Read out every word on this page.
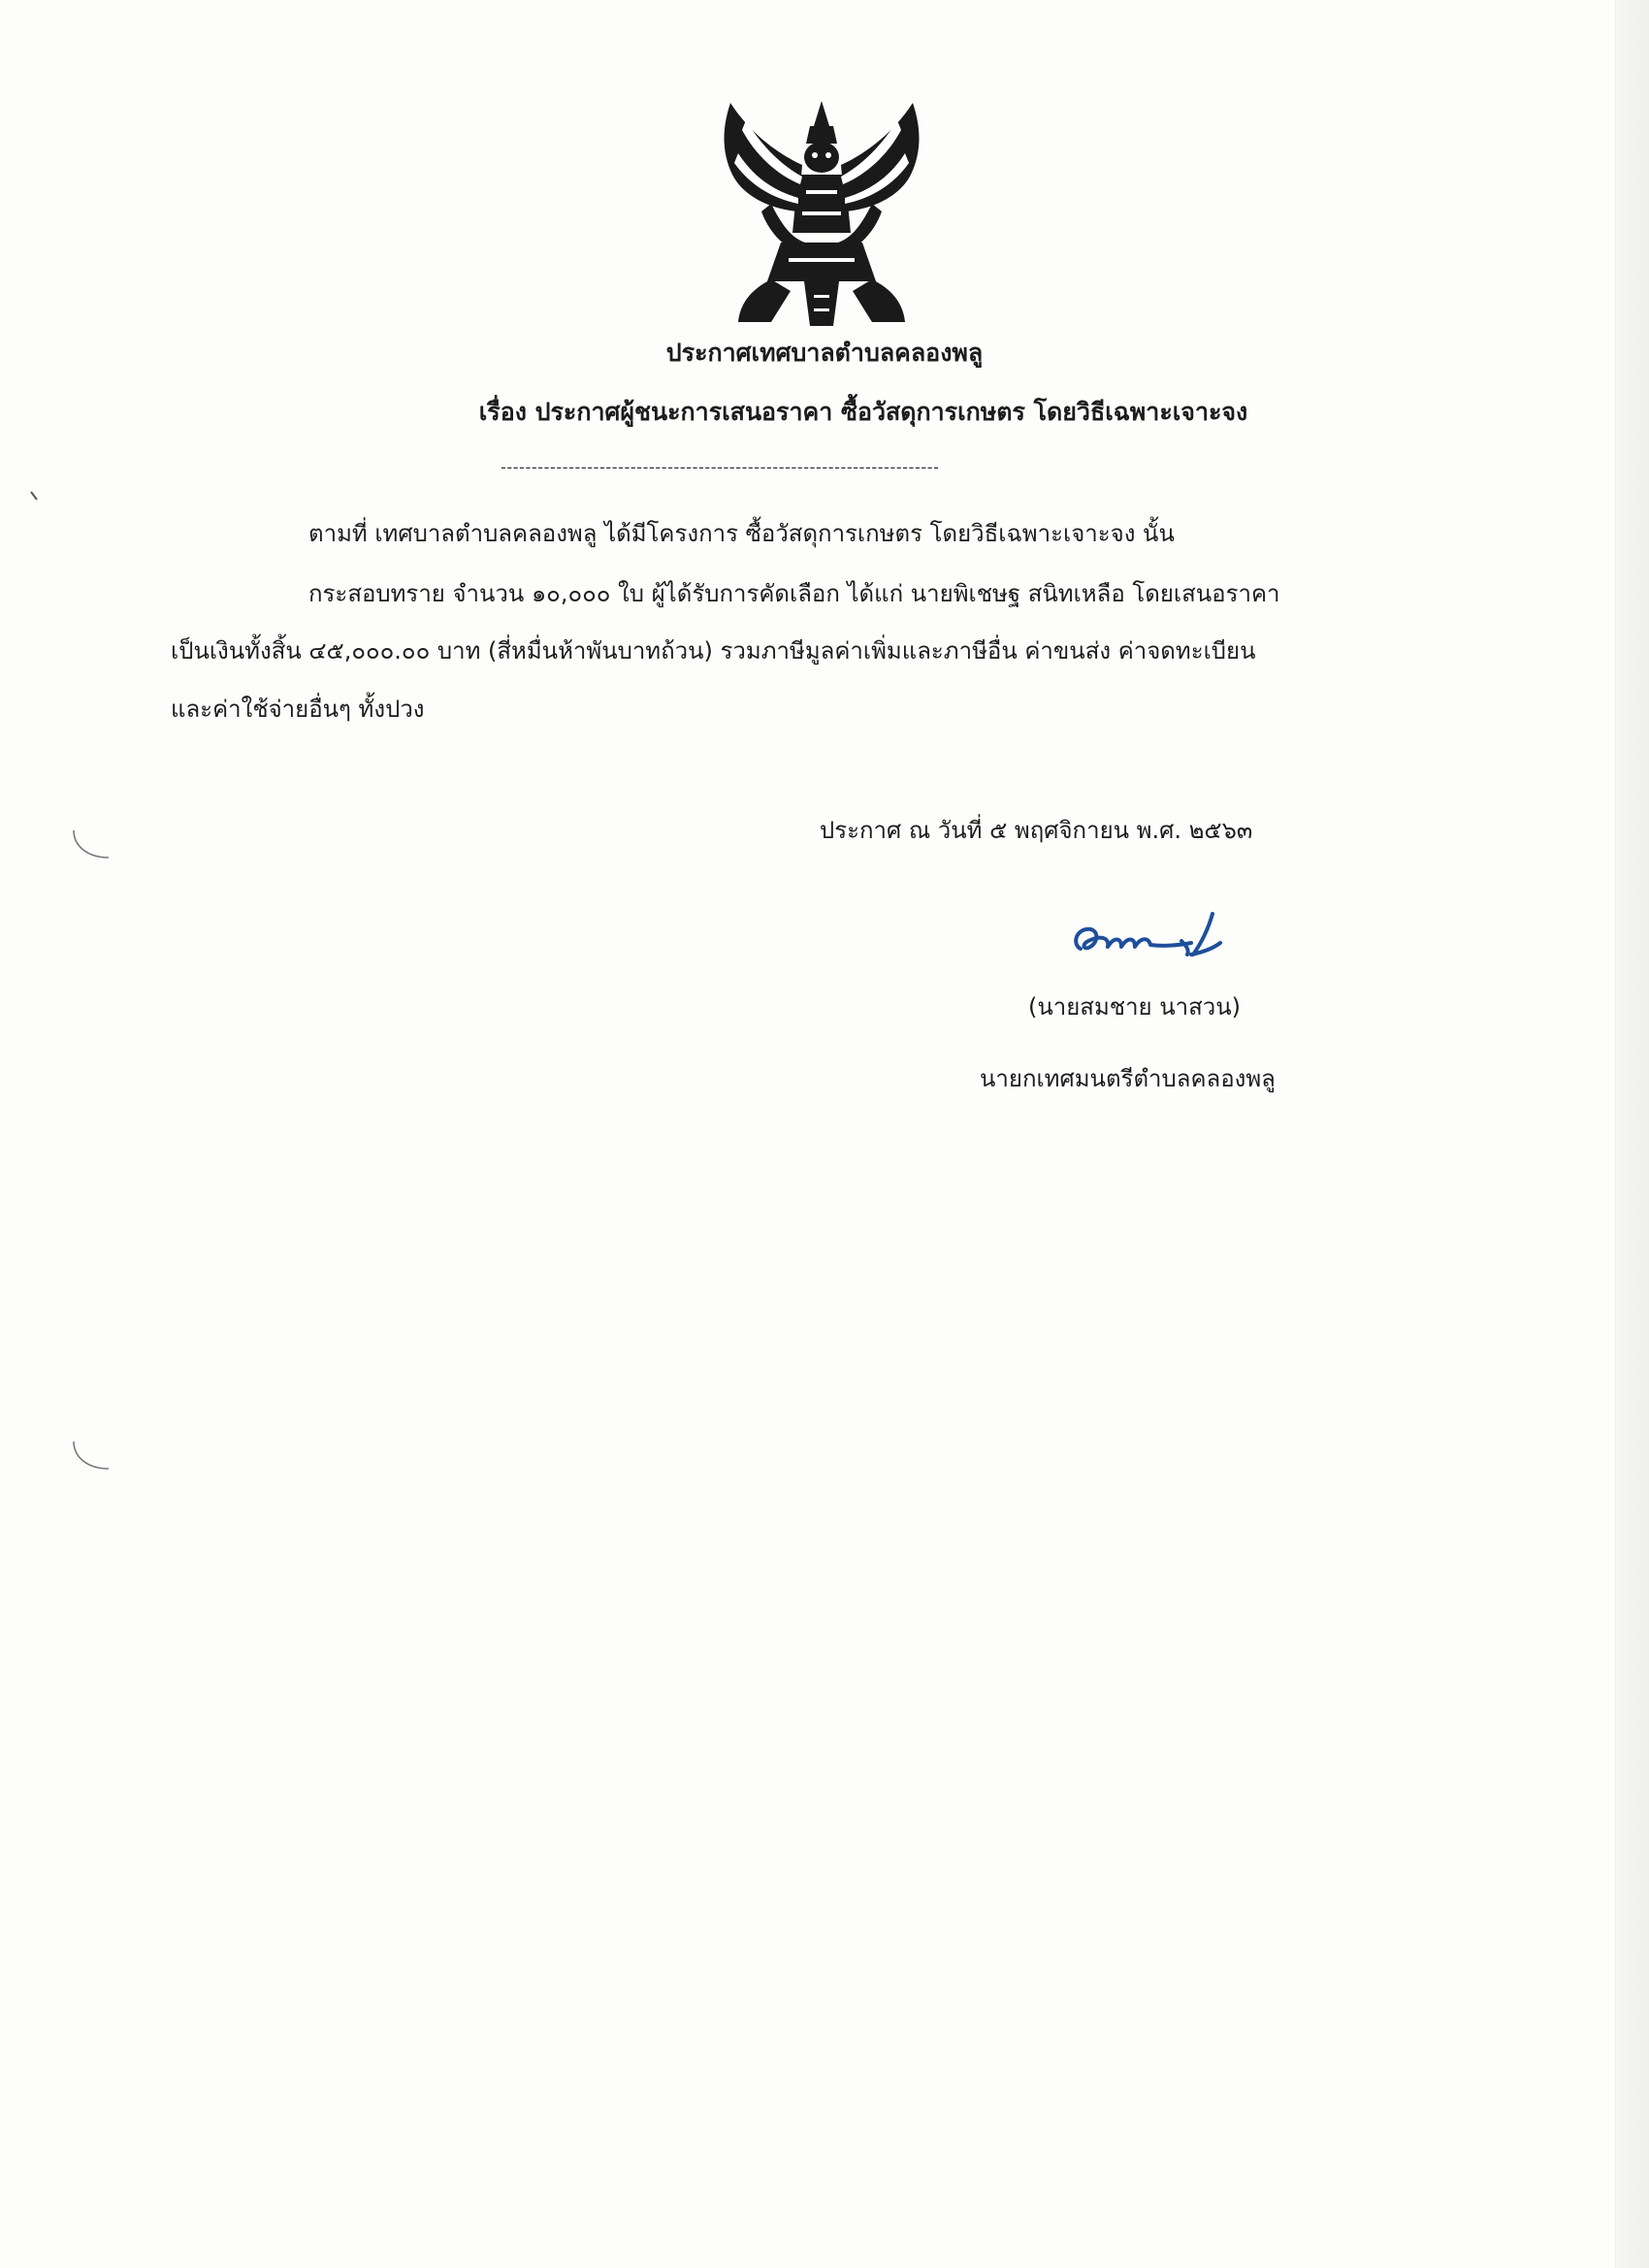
ประกาศเทศบาลตำบลคลองพลู
เรื่อง ประกาศผู้ชนะการเสนอราคา ซื้อวัสดุการเกษตร โดยวิธีเฉพาะเจาะจง
-----------------------------------------------------------------------
ตามที่ เทศบาลตำบลคลองพลู ได้มีโครงการ ซื้อวัสดุการเกษตร โดยวิธีเฉพาะเจาะจง นั้น
กระสอบทราย จำนวน ๑๐,๐๐๐ ใบ ผู้ได้รับการคัดเลือก ได้แก่ นายพิเชษฐ สนิทเหลือ โดยเสนอราคา
เป็นเงินทั้งสิ้น ๔๕,๐๐๐.๐๐ บาท (สี่หมื่นห้าพันบาทถ้วน) รวมภาษีมูลค่าเพิ่มและภาษีอื่น ค่าขนส่ง ค่าจดทะเบียน
และค่าใช้จ่ายอื่นๆ ทั้งปวง
ประกาศ ณ วันที่ ๕ พฤศจิกายน พ.ศ. ๒๕๖๓
(นายสมชาย นาสวน)
นายกเทศมนตรีตำบลคลองพลู
